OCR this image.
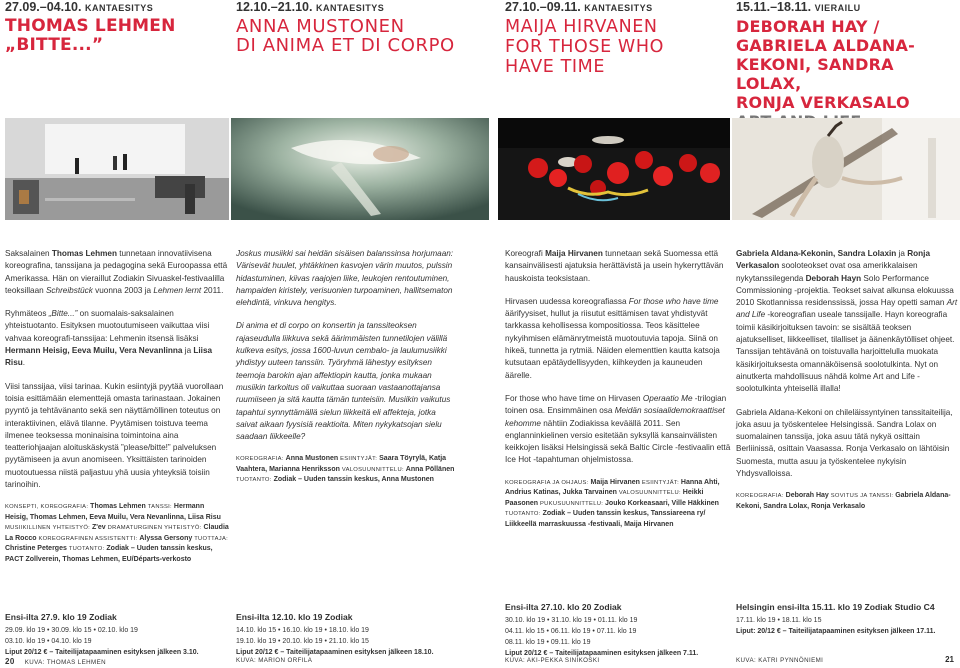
27.09.–04.10. KANTAESITYS
THOMAS LEHMEN
„BITTE...”

Saksalainen Thomas Lehmen tunnetaan innovatiivisena koreografina, tanssijana ja pedagogina sekä Euroopassa että Amerikassa. Hän on vieraillut Zodiakin Sivuaskel-festivaalilla teoksillaan Schreibstück vuonna 2003 ja Lehmen lernt 2011.

Ryhmäteos „Bitte...” on suomalais-saksalainen yhteistuotanto. Esityksen muotoutumiseen vaikuttaa viisi vahvaa koreografi-tanssijaa: Lehmenin itsensä lisäksi Hermann Heisig, Eeva Muilu, Vera Nevanlinna ja Liisa Risu.

Viisi tanssijaa, viisi tarinaa. Kukin esiintyjä pyytää vuorollaan toisia esittämään elementtejä omasta tarinastaan. Jokainen pyyntö ja tehtävänanto sekä sen näyttämöllinen toteutus on interaktiivinen, elävä tilanne. Pyytämisen toistuva teema ilmenee teoksessa moninaisina toimintoina aina teatteriohjaajan aloituskäskystä ”please/bitte!” palveluksen pyytämiseen ja avun anomiseen. Yksittäisten tarinoiden muotoutuessa niistä paljastuu yhä uusia yhteyksiä toisiin tarinoihin.

KONSEPTI, KOREOGRAFIA: Thomas Lehmen TANSSI: Hermann Heisig, Thomas Lehmen, Eeva Muilu, Vera Nevanlinna, Liisa Risu MUSIIKILLINEN YHTEISTYÖ: Z'ev DRAMATURGINEN YHTEISTYÖ: Claudia La Rocco KOREOGRAFINEN ASSISTENTTI: Alyssa Gersony TUOTTAJA: Christine Peterges TUOTANTO: Zodiak – Uuden tanssin keskus, PACT Zollverein, Thomas Lehmen, EU/Départs-verkosto
Ensi-ilta 27.9. klo 19 Zodiak
29.09. klo 19 • 30.09. klo 15 • 02.10. klo 19
03.10. klo 19 • 04.10. klo 19
Liput 20/12 € – Taiteilijatapaaminen esityksen jälkeen 3.10.
20 KUVA: THOMAS LEHMEN
12.10.–21.10. KANTAESITYS
ANNA MUSTONEN
DI ANIMA ET DI CORPO

Joskus musiikki sai heidän sisäisen balanssinsa horjumaan: Värisevät huulet, yhtäkkinen kasvojen värin muutos, pulssin hidastuminen, kiivas raajojen liike, leukojen rentoutuminen, hampaiden kiristely, verisuonien turpoaminen, hallitsematon elehdintä, vinkuva hengitys.

Di anima et di corpo on konsertin ja tanssiteoksen rajaseudulla liikkuva sekä äärimmäisten tunnetilojen välillä kulkeva esitys, jossa 1600-luvun cembalo- ja laulumusiikki yhdistyy uuteen tanssiin. Työryhmä lähestyy esityksen teemoja barokin ajan affektiopin kautta, jonka mukaan musiikin tarkoitus oli vaikuttaa suoraan vastaanottajansa ruumiiseen ja sitä kautta tämän tunteisiin. Musiikin vaikutus tapahtui synnyttämällä sielun liikkeitä eli affekteja, jotka saivat aikaan fyysisiä reaktioita. Miten nykykatsojan sielu saadaan liikkeelle?

KOREOGRAFIA: Anna Mustonen ESIINTYJÄT: Saara Töyrylä, Katja Vaahtera, Marianna Henriksson VALOSUUNNITTELU: Anna Pöllänen TUOTANTO: Zodiak – Uuden tanssin keskus, Anna Mustonen
Ensi-ilta 12.10. klo 19 Zodiak
14.10. klo 15 • 16.10. klo 19 • 18.10. klo 19
19.10. klo 19 • 20.10. klo 19 • 21.10. klo 15
Liput 20/12 € – Taiteilijatapaaminen esityksen jälkeen 18.10.
KUVA: MARION ORFILA
27.10.–09.11. KANTAESITYS
MAIJA HIRVANEN
FOR THOSE WHO
HAVE TIME

Koreografi Maija Hirvanen tunnetaan sekä Suomessa että kansainvälisesti ajatuksia herättävistä ja usein hykerryttävän hauskoista teoksistaan.

Hirvasen uudessa koreografiassa For those who have time äärifyysiset, hullut ja riisutut esittämisen tavat yhdistyvät tarkkassa kehollisessa kompositiossa. Teos käsittelee nykyihmisen elämänrytmeistä muotoutuvia tapoja. Siinä on hikeä, tunnetta ja rytmiä. Näiden elementtien kautta katsoja kutsutaan epätäydellisyyden, kiihkeyden ja kauneuden äärelle.

For those who have time on Hirvasen Operaatio Me -trilogian toinen osa. Ensimmäinen osa Meidän sosiaalidemokraattiset kehomme nähtiin Zodiakissa keväällä 2011. Sen englanninkielinen versio esitetään syksyllä kansainvälisten keikkojen lisäksi Helsingissä sekä Baltic Circle -festivaalin että Ice Hot -tapahtuman ohjelmistossa.

KOREOGRAFIA JA OHJAUS: Maija Hirvanen ESIINTYJÄT: Hanna Ahti, Andrius Katinas, Jukka Tarvainen VALOSUUNNITTELU: Heikki Paasonen PUKUSUUNNITTELU: Jouko Korkeasaari, Ville Häkkinen TUOTANTO: Zodiak – Uuden tanssin keskus, Tanssiareena ry/ Liikkeellä marraskuussa -festivaali, Maija Hirvanen
Ensi-ilta 27.10. klo 20 Zodiak
30.10. klo 19 • 31.10. klo 19 • 01.11. klo 19
04.11. klo 15 • 06.11. klo 19 • 07.11. klo 19
08.11. klo 19 • 09.11. klo 19
Liput 20/12 € – Taiteilijatapaaminen esityksen jälkeen 7.11.
KUVA: AKI-PEKKA SINIKOSKI
15.11.–18.11. VIERAILU
DEBORAH HAY /
GABRIELA ALDANA-
KEKONI, SANDRA LOLAX,
RONJA VERKASALO

Gabriela Aldana-Kekonin, Sandra Lolaxin ja Ronja Verkasalon sooloteokset ovat osa amerikkalaisen nykytanssilegenda Deborah Hayn Solo Performance Commissioning -projektia. Teokset saivat alkunsa elokuussa 2010 Skotlannissa residenssissä, jossa Hay opetti saman Art and Life -koreografian useale tanssijalle. Hayn koreografia toimii käsikirjoituksen tavoin: se sisältää teoksen ajatukselliset, liikkeelliset, tilalliset ja äänenkäytölliset ohjeet. Tanssijan tehtävänä on toistuvalla harjoittelulla muokata käsikirjoituksesta omannäköisensä soolotulkinta. Nyt on ainutkerta mahdollisuus nähdä kolme Art and Life -soolotulkinta yhteisellä illalla!

Gabriela Aldana-Kekoni on chileläissyntyinen tanssitaiteilija, joka asuu ja työskentelee Helsingissä. Sandra Lolax on suomalainen tanssija, joka asuu tätä nykyä osittain Berliinissä, osittain Vaasassa. Ronja Verkasalo on lähtöisin Suomesta, mutta asuu ja työskentelee nykyisin Yhdysvalloissa.

KOREOGRAFIA: Deborah Hay SOVITUS JA TANSSI: Gabriela Aldana-Kekoni, Sandra Lolax, Ronja Verkasalo
Helsingin ensi-ilta 15.11. klo 19 Zodiak Studio C4
17.11. klo 19 • 18.11. klo 15
Liput: 20/12 € – Taiteilijatapaaminen esityksen jälkeen 17.11.
KUVA: KATRI PYNNÖNIEMI	21
